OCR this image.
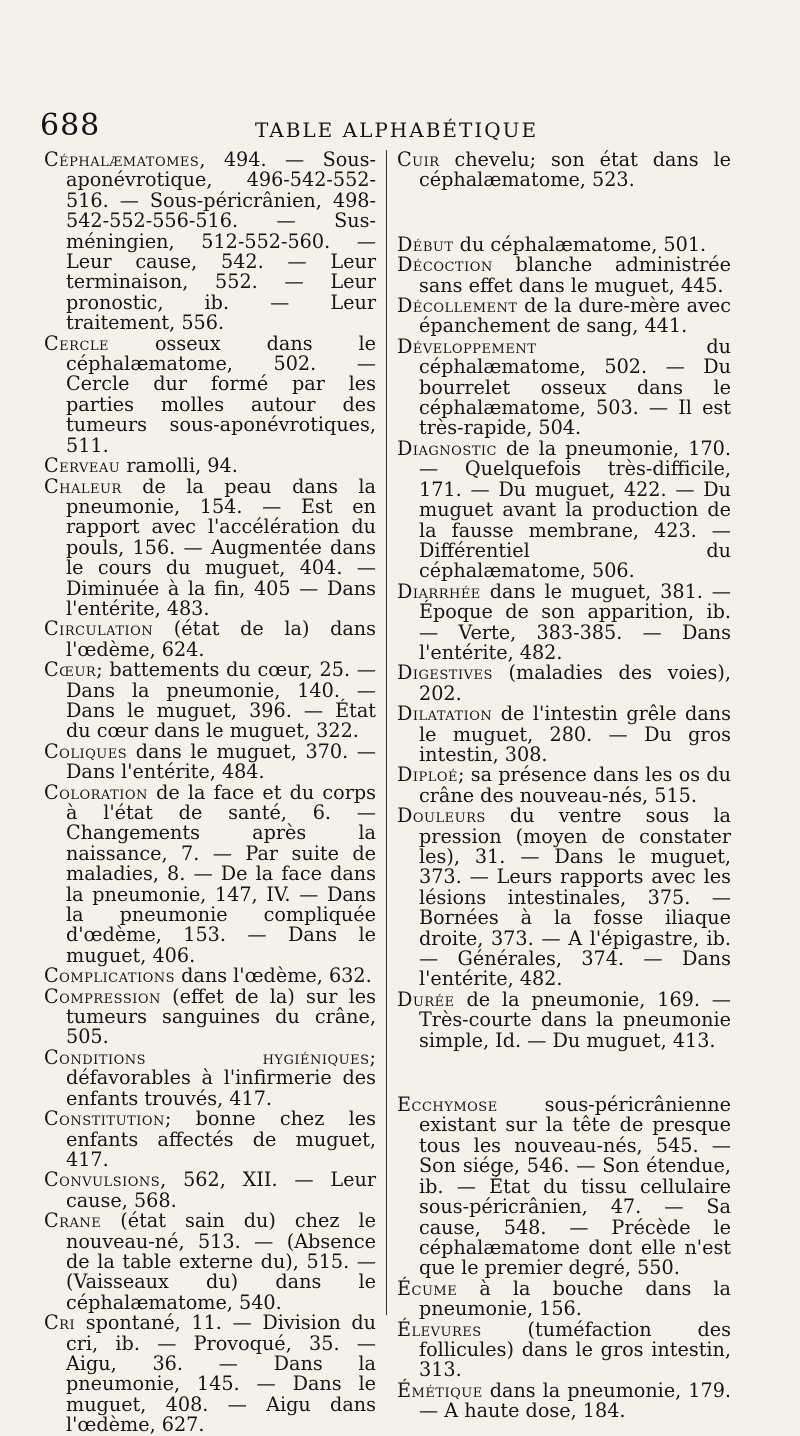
688	TABLE ALPHABÉTIQUE

Céphalæmatomes, 494. — Sous-aponévrotique, 496-542-552-516. — Sous-péricrânien, 498-542-552-556-516. — Sus-méningien, 512-552-560. — Leur cause, 542. — Leur terminaison, 552. — Leur pronostic, ib. — Leur traitement, 556.

Cercle osseux dans le céphalæmatome, 502. — Cercle dur formé par les parties molles autour des tumeurs sous-aponévrotiques, 511.

Cerveau ramolli, 94.

Chaleur de la peau dans la pneumonie, 154. — Est en rapport avec l'accélération du pouls, 156. — Augmentée dans le cours du muguet, 404. — Diminuée à la fin, 405 — Dans l'entérite, 483.

Circulation (état de la) dans l'œdème, 624.

Cœur; battements du cœur, 25. — Dans la pneumonie, 140. — Dans le muguet, 396. — État du cœur dans le muguet, 322.

Coliques dans le muguet, 370. — Dans l'entérite, 484.

Coloration de la face et du corps à l'état de santé, 6. — Changements après la naissance, 7. — Par suite de maladies, 8. — De la face dans la pneumonie, 147, IV. — Dans la pneumonie compliquée d'œdème, 153. — Dans le muguet, 406.

Complications dans l'œdème, 632.

Compression (effet de la) sur les tumeurs sanguines du crâne, 505.

Conditions hygiéniques; défavorables à l'infirmerie des enfants trouvés, 417.

Constitution; bonne chez les enfants affectés de muguet, 417.

Convulsions, 562, XII. — Leur cause, 568.

Crane (état sain du) chez le nouveau-né, 513. — (Absence de la table externe du), 515. — (Vaisseaux du) dans le céphalæmatome, 540.

Cri spontané, 11. — Division du cri, ib. — Provoqué, 35. — Aigu, 36. — Dans la pneumonie, 145. — Dans le muguet, 408. — Aigu dans l'œdème, 627.

Cuir chevelu; son état dans le céphalæmatome, 523.

Début du céphalæmatome, 501.

Décoction blanche administrée sans effet dans le muguet, 445.

Décollement de la dure-mère avec épanchement de sang, 441.

Développement du céphalæmatome, 502. — Du bourrelet osseux dans le céphalæmatome, 503. — Il est très-rapide, 504.

Diagnostic de la pneumonie, 170. — Quelquefois très-difficile, 171. — Du muguet, 422. — Du muguet avant la production de la fausse membrane, 423. — Différentiel du céphalæmatome, 506.

Diarrhée dans le muguet, 381. — Époque de son apparition, ib. — Verte, 383-385. — Dans l'entérite, 482.

Digestives (maladies des voies), 202.

Dilatation de l'intestin grêle dans le muguet, 280. — Du gros intestin, 308.

Diploé; sa présence dans les os du crâne des nouveau-nés, 515.

Douleurs du ventre sous la pression (moyen de constater les), 31. — Dans le muguet, 373. — Leurs rapports avec les lésions intestinales, 375. — Bornées à la fosse iliaque droite, 373. — A l'épigastre, ib. — Générales, 374. — Dans l'entérite, 482.

Durée de la pneumonie, 169. — Très-courte dans la pneumonie simple, Id. — Du muguet, 413.

Ecchymose sous-péricrânienne existant sur la tête de presque tous les nouveau-nés, 545. — Son siége, 546. — Son étendue, ib. — État du tissu cellulaire sous-péricrânien, 47. — Sa cause, 548. — Précède le céphalæmatome dont elle n'est que le premier degré, 550.

Écume à la bouche dans la pneumonie, 156.

Élevures (tuméfaction des follicules) dans le gros intestin, 313.

Émétique dans la pneumonie, 179. — A haute dose, 184.
